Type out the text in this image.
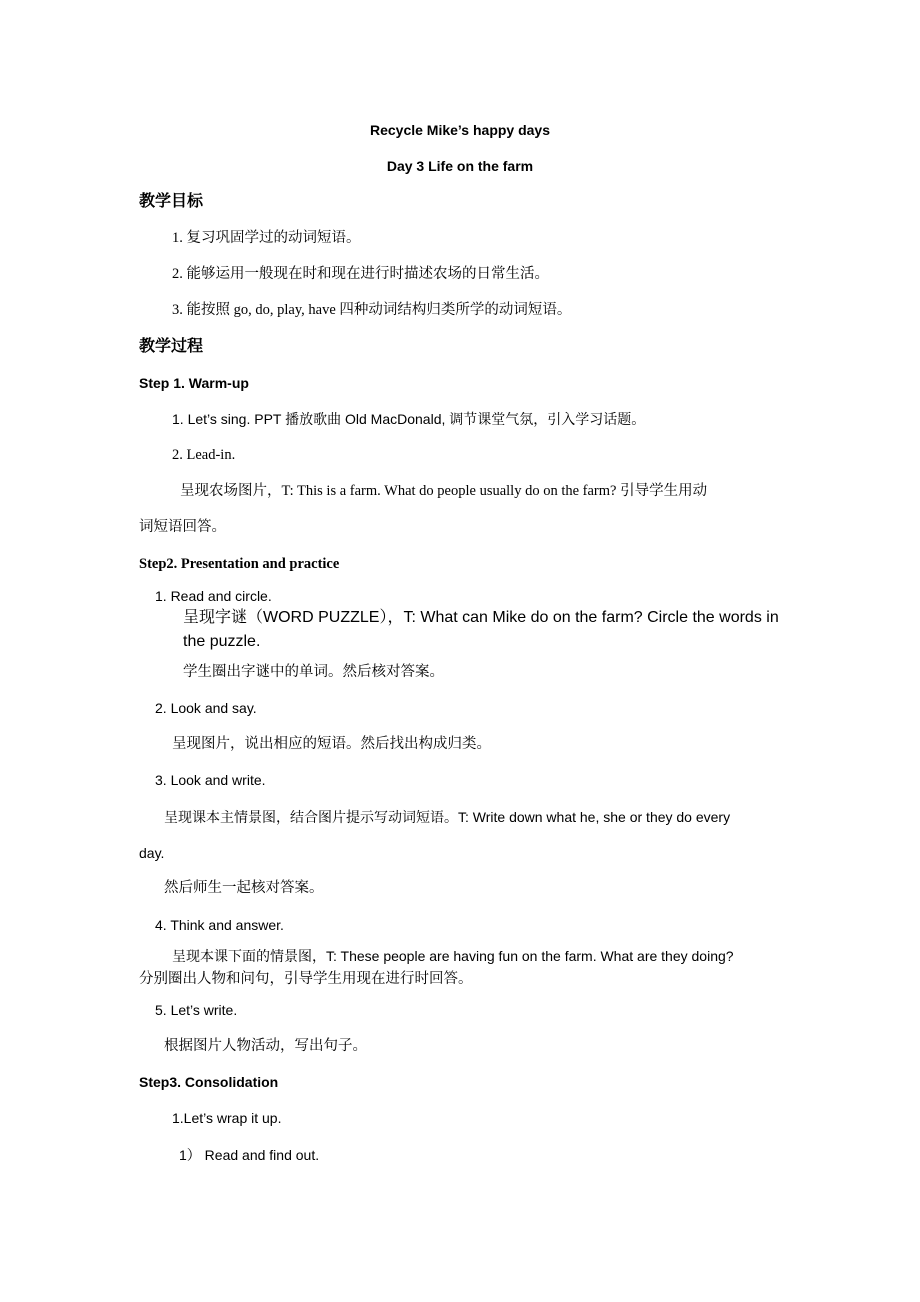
Recycle Mike’s happy days
Day 3 Life on the farm
教学目标
1. 复习巩固学过的动词短语。
2. 能够运用一般现在时和现在进行时描述农场的日常生活。
3. 能按照 go, do, play, have 四种动词结构归类所学的动词短语。
教学过程
Step 1. Warm-up
1. Let’s sing. PPT 播放歌曲 Old MacDonald, 调节课堂气氛，引入学习话题。
2. Lead-in.
呈现农场图片，T: This is a farm. What do people usually do on the farm? 引导学生用动
词短语回答。
Step2. Presentation and practice
1. Read and circle.
呈现字谜（WORD PUZZLE），T: What can Mike do on the farm? Circle the words in
the puzzle.
学生圈出字谜中的单词。然后核对答案。
2. Look and say.
呈现图片，说出相应的短语。然后找出构成归类。
3. Look and write.
呈现课本主情景图，结合图片提示写动词短语。T: Write down what he, she or they do every
day.
然后师生一起核对答案。
4. Think and answer.
呈现本课下面的情景图，T: These people are having fun on the farm. What are they doing?
分别圈出人物和问句，引导学生用现在进行时回答。
5. Let’s write.
根据图片人物活动，写出句子。
Step3. Consolidation
1.Let’s wrap it up.
1） Read and find out.
